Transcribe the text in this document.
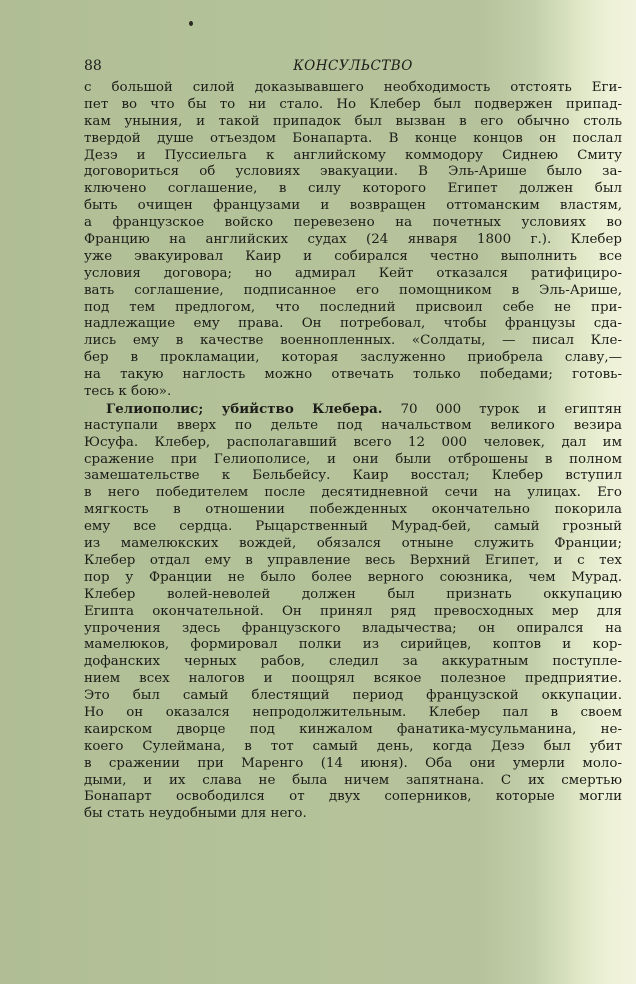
88	КОНСУЛЬСТВО
с большой силой доказывавшего необходимость отстоять Еги-
пет во что бы то ни стало. Но Клебер был подвержен припад-
кам уныния, и такой припадок был вызван в его обычно столь
твердой душе отъездом Бонапарта. В конце концов он послал
Дезэ и Пуссиельга к английскому коммодору Сиднею Смиту
договориться об условиях эвакуации. В Эль-Арише было за-
ключено соглашение, в силу которого Египет должен был
быть очищен французами и возвращен оттоманским властям,
а французское войско перевезено на почетных условиях во
Францию на английских судах (24 января 1800 г.). Клебер
уже эвакуировал Каир и собирался честно выполнить все
условия договора; но адмирал Кейт отказался ратифициро-
вать соглашение, подписанное его помощником в Эль-Арише,
под тем предлогом, что последний присвоил себе не при-
надлежащие ему права. Он потребовал, чтобы французы сда-
лись ему в качестве военнопленных. «Солдаты, — писал Кле-
бер в прокламации, которая заслуженно приобрела славу,—
на такую наглость можно отвечать только победами; готовь-
тесь к бою».
Гелиополис; убийство Клебера. 70 000 турок и египтян
наступали вверх по дельте под начальством великого везира
Юсуфа. Клебер, располагавший всего 12 000 человек, дал им
сражение при Гелиополисе, и они были отброшены в полном
замешательстве к Бельбейсу. Каир восстал; Клебер вступил
в него победителем после десятидневной сечи на улицах. Его
мягкость в отношении побежденных окончательно покорила
ему все сердца. Рыцарственный Мурад-бей, самый грозный
из мамелюкских вождей, обязался отныне служить Франции;
Клебер отдал ему в управление весь Верхний Египет, и с тех
пор у Франции не было более верного союзника, чем Мурад.
Клебер волей-неволей должен был признать оккупацию
Египта окончательной. Он принял ряд превосходных мер для
упрочения здесь французского владычества; он опирался на
мамелюков, формировал полки из сирийцев, коптов и кор-
дофанских черных рабов, следил за аккуратным поступле-
нием всех налогов и поощрял всякое полезное предприятие.
Это был самый блестящий период французской оккупации.
Но он оказался непродолжительным. Клебер пал в своем
каирском дворце под кинжалом фанатика-мусульманина, не-
коего Сулеймана, в тот самый день, когда Дезэ был убит
в сражении при Маренго (14 июня). Оба они умерли моло-
дыми, и их слава не была ничем запятнана. С их смертью
Бонапарт освободился от двух соперников, которые могли
бы стать неудобными для него.
